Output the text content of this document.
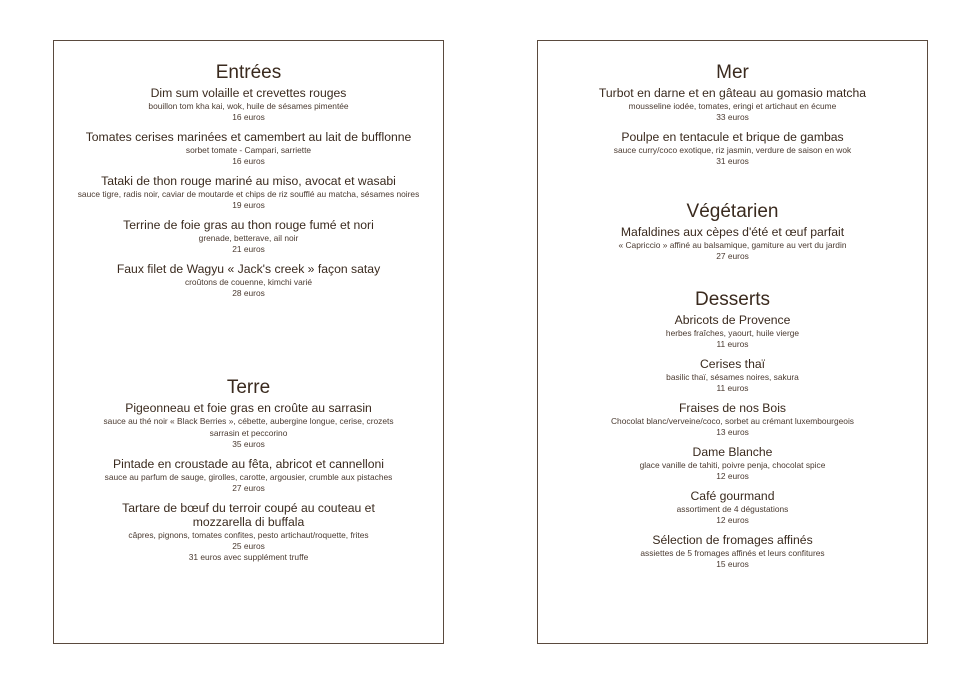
Entrées
Dim sum volaille et crevettes rouges
bouillon tom kha kai, wok, huile de sésames pimentée
16 euros
Tomates cerises marinées et camembert au lait de bufflonne
sorbet tomate - Campari, sarriette
16 euros
Tataki de thon rouge mariné au miso, avocat et wasabi
sauce tigre, radis noir, caviar de moutarde et chips de riz soufflé au matcha, sésames noires
19 euros
Terrine de foie gras au thon rouge fumé et nori
grenade, betterave, ail noir
21 euros
Faux filet de Wagyu « Jack's creek » façon satay
croûtons de couenne, kimchi varié
28 euros
Terre
Pigeonneau et foie gras en croûte au sarrasin
sauce au thé noir « Black Berries », cébette, aubergine longue, cerise, crozets sarrasin et peccorino
35 euros
Pintade en croustade au fêta, abricot et cannelloni
sauce au parfum de sauge, girolles, carotte, argousier, crumble aux pistaches
27 euros
Tartare de bœuf du terroir coupé au couteau et mozzarella di buffala
câpres, pignons, tomates confites, pesto artichaut/roquette, frites
25 euros
31 euros avec supplément truffe
Mer
Turbot en darne et en gâteau au gomasio matcha
mousseline iodée, tomates, eringi et artichaut en écume
33 euros
Poulpe en tentacule et brique de gambas
sauce curry/coco exotique, riz jasmin, verdure de saison en wok
31 euros
Végétarien
Mafaldines aux cèpes d'été et œuf parfait
« Capriccio » affiné au balsamique, gamiture au vert du jardin
27 euros
Desserts
Abricots de Provence
herbes fraîches, yaourt, huile vierge
11 euros
Cerises thaï
basilic thaï, sésames noires, sakura
11 euros
Fraises de nos Bois
Chocolat blanc/verveine/coco, sorbet au crémant luxembourgeois
13 euros
Dame Blanche
glace vanille de tahiti, poivre penja, chocolat spice
12 euros
Café gourmand
assortiment de 4 dégustations
12 euros
Sélection de fromages affinés
assiettes de 5 fromages affinés et leurs confitures
15 euros
